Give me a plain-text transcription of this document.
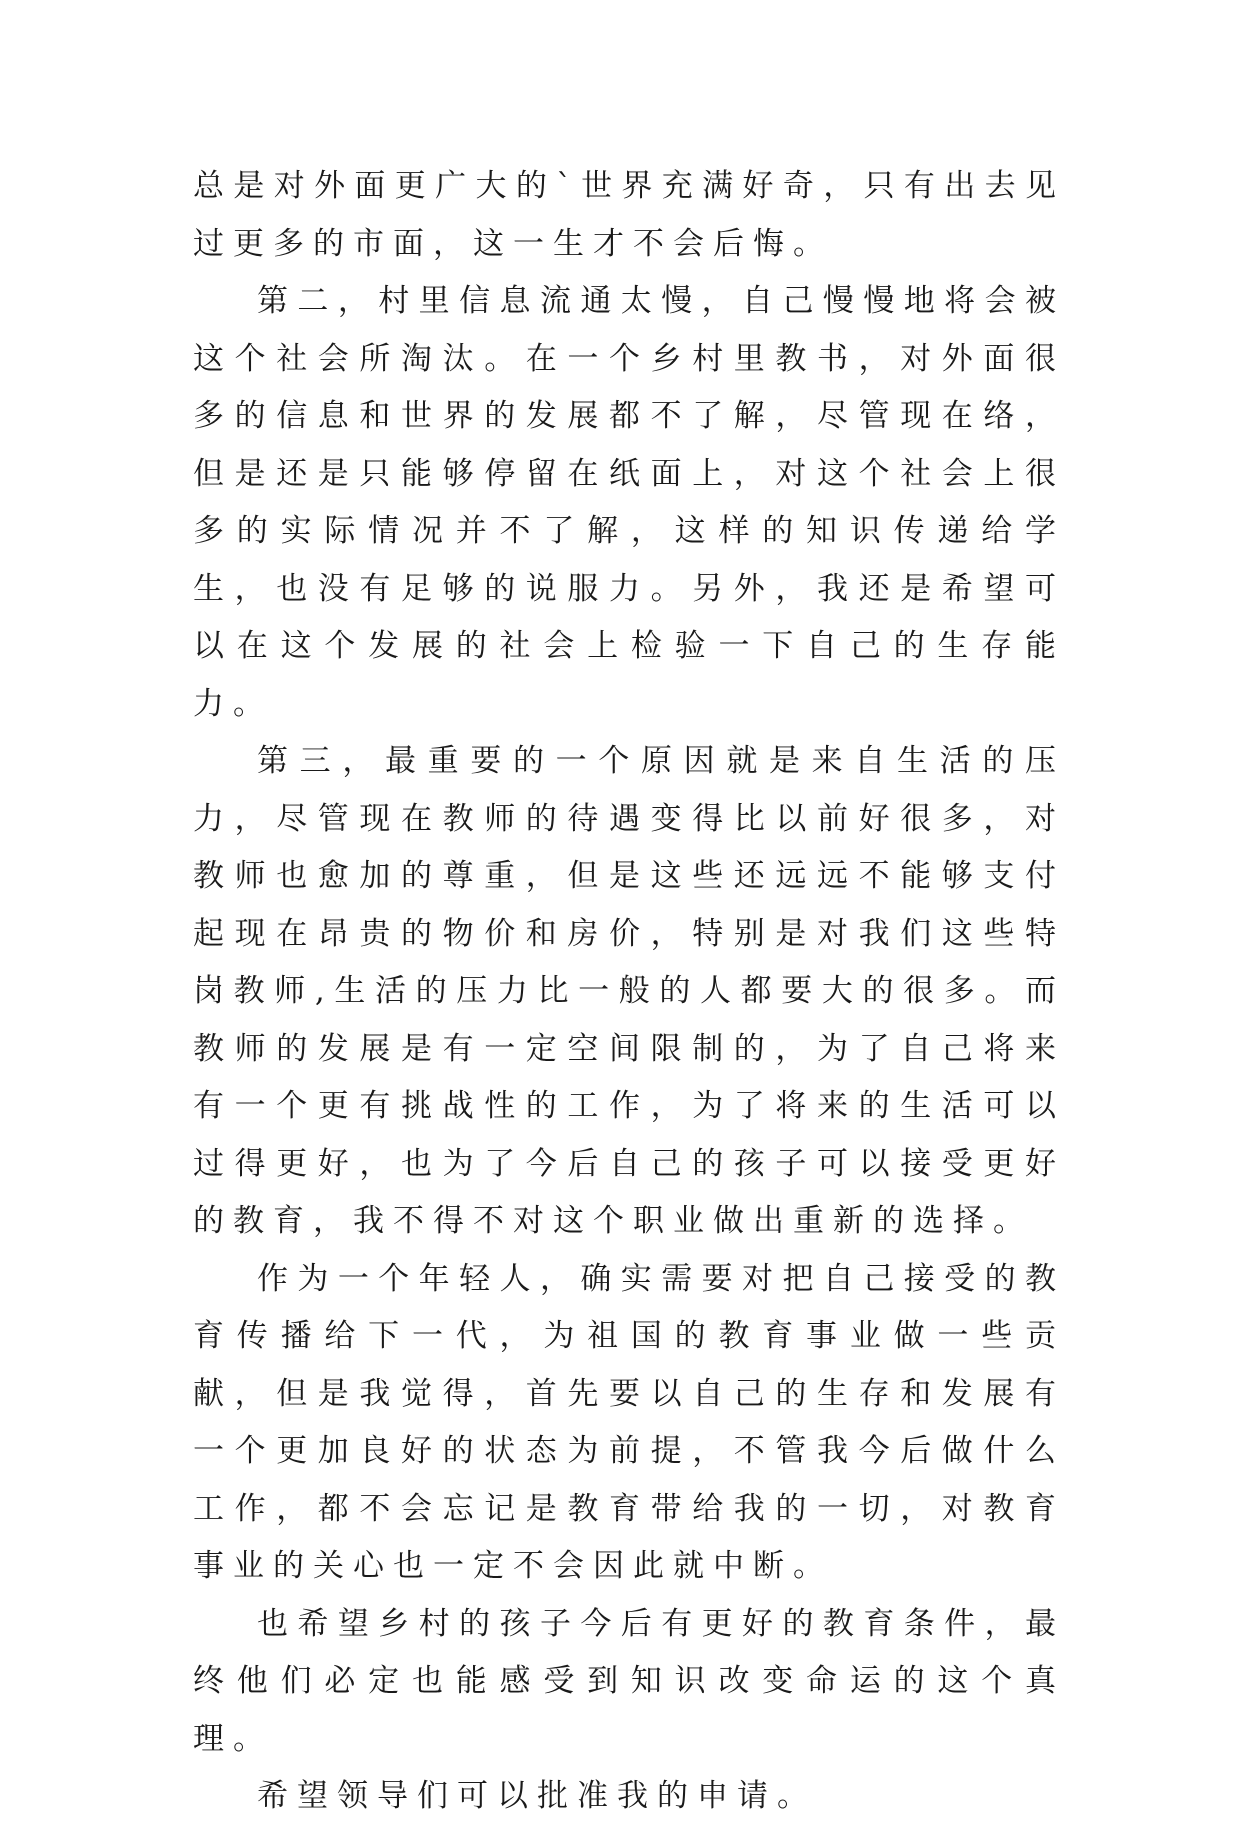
总是对外面更广大的`世界充满好奇，只有出去见过更多的市面，这一生才不会后悔。

第二，村里信息流通太慢，自己慢慢地将会被这个社会所淘汰。在一个乡村里教书，对外面很多的信息和世界的发展都不了解，尽管现在络，但是还是只能够停留在纸面上，对这个社会上很多的实际情况并不了解，这样的知识传递给学生，也没有足够的说服力。另外，我还是希望可以在这个发展的社会上检验一下自己的生存能力。

第三，最重要的一个原因就是来自生活的压力，尽管现在教师的待遇变得比以前好很多，对教师也愈加的尊重，但是这些还远远不能够支付起现在昂贵的物价和房价，特别是对我们这些特岗教师,生活的压力比一般的人都要大的很多。而教师的发展是有一定空间限制的，为了自己将来有一个更有挑战性的工作，为了将来的生活可以过得更好，也为了今后自己的孩子可以接受更好的教育，我不得不对这个职业做出重新的选择。

作为一个年轻人，确实需要对把自己接受的教育传播给下一代，为祖国的教育事业做一些贡献，但是我觉得，首先要以自己的生存和发展有一个更加良好的状态为前提，不管我今后做什么工作，都不会忘记是教育带给我的一切，对教育事业的关心也一定不会因此就中断。

也希望乡村的孩子今后有更好的教育条件，最终他们必定也能感受到知识改变命运的这个真理。

希望领导们可以批准我的申请。
